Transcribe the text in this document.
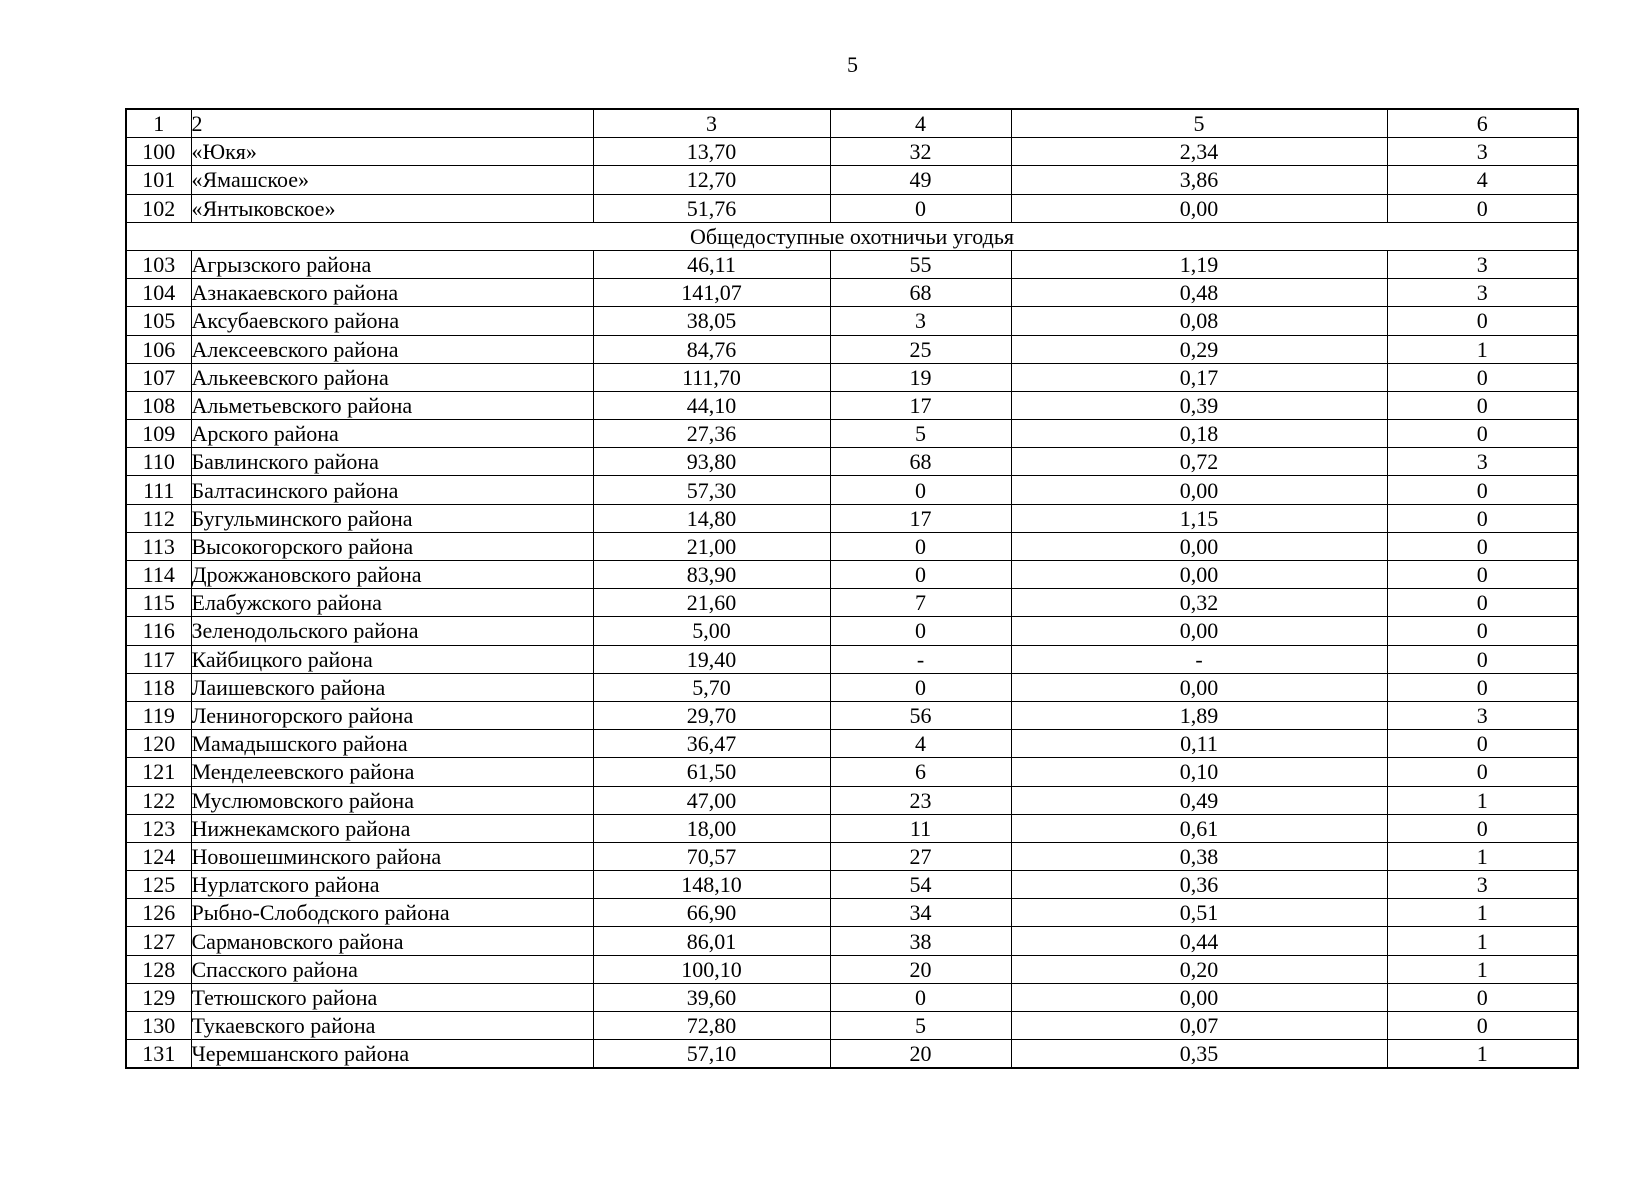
5
1	2	3	4	5	6
100	«Юкя»	13,70	32	2,34	3
101	«Ямашское»	12,70	49	3,86	4
102	«Янтыковское»	51,76	0	0,00	0
Общедоступные охотничьи угодья					
103	Агрызского района	46,11	55	1,19	3
104	Азнакаевского района	141,07	68	0,48	3
105	Аксубаевского района	38,05	3	0,08	0
106	Алексеевского района	84,76	25	0,29	1
107	Алькеевского района	111,70	19	0,17	0
108	Альметьевского района	44,10	17	0,39	0
109	Арского района	27,36	5	0,18	0
110	Бавлинского района	93,80	68	0,72	3
111	Балтасинского района	57,30	0	0,00	0
112	Бугульминского района	14,80	17	1,15	0
113	Высокогорского района	21,00	0	0,00	0
114	Дрожжановского района	83,90	0	0,00	0
115	Елабужского района	21,60	7	0,32	0
116	Зеленодольского района	5,00	0	0,00	0
117	Кайбицкого района	19,40	-	-	0
118	Лаишевского района	5,70	0	0,00	0
119	Лениногорского района	29,70	56	1,89	3
120	Мамадышского района	36,47	4	0,11	0
121	Менделеевского района	61,50	6	0,10	0
122	Муслюмовского района	47,00	23	0,49	1
123	Нижнекамского района	18,00	11	0,61	0
124	Новошешминского района	70,57	27	0,38	1
125	Нурлатского района	148,10	54	0,36	3
126	Рыбно-Слободского района	66,90	34	0,51	1
127	Сармановского района	86,01	38	0,44	1
128	Спасского района	100,10	20	0,20	1
129	Тетюшского района	39,60	0	0,00	0
130	Тукаевского района	72,80	5	0,07	0
131	Черемшанского района	57,10	20	0,35	1
